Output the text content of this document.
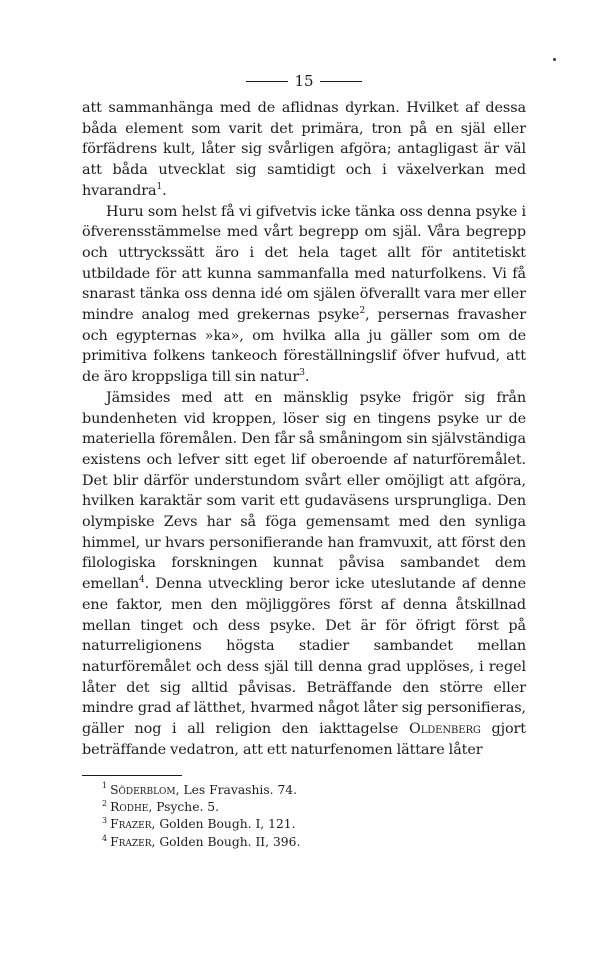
15

att sammanhänga med de aflidnas dyrkan. Hvilket af dessa båda element som varit det primära, tron på en själ eller förfädrens kult, låter sig svårligen afgöra; antagligast är väl att båda utvecklat sig samtidigt och i växelverkan med hvarandra$^1$.

Huru som helst få vi gifvetvis icke tänka oss denna psyke i öfverensstämmelse med vårt begrepp om själ. Våra begrepp och uttryckssätt äro i det hela taget allt för antitetiskt utbildade för att kunna sammanfalla med naturfolkens. Vi få snarast tänka oss denna idé om själen öfverallt vara mer eller mindre analog med grekernas psyke$^2$, persernas fravasher och egypternas »ka», om hvilka alla ju gäller som om de primitiva folkens tankeoch föreställningslif öfver hufvud, att de äro kroppsliga till sin natur$^3$.

Jämsides med att en mänsklig psyke frigör sig från bundenheten vid kroppen, löser sig en tingens psyke ur de materiella föremålen. Den får så småningom sin självständiga existens och lefver sitt eget lif oberoende af naturföremålet. Det blir därför understundom svårt eller omöjligt att afgöra, hvilken karaktär som varit ett gudaväsens ursprungliga. Den olympiske Zevs har så föga gemensamt med den synliga himmel, ur hvars personifierande han framvuxit, att först den filologiska forskningen kunnat påvisa sambandet dem emellan$^4$. Denna utveckling beror icke uteslutande af denne ene faktor, men den möjliggöres först af denna åtskillnad mellan tinget och dess psyke. Det är för öfrigt först på naturreligionens högsta stadier sambandet mellan naturföremålet och dess själ till denna grad upplöses, i regel låter det sig alltid påvisas. Beträffande den större eller mindre grad af lätthet, hvarmed något låter sig personifieras, gäller nog i all religion den iakttagelse Oldenberg gjort beträffande vedatron, att ett naturfenomen lättare låter

$^1$ Söderblom, Les Fravashis. 74.
$^2$ Rodhe, Psyche. 5.
$^3$ Frazer, Golden Bough. I, 121.
$^4$ Frazer, Golden Bough. II, 396.
